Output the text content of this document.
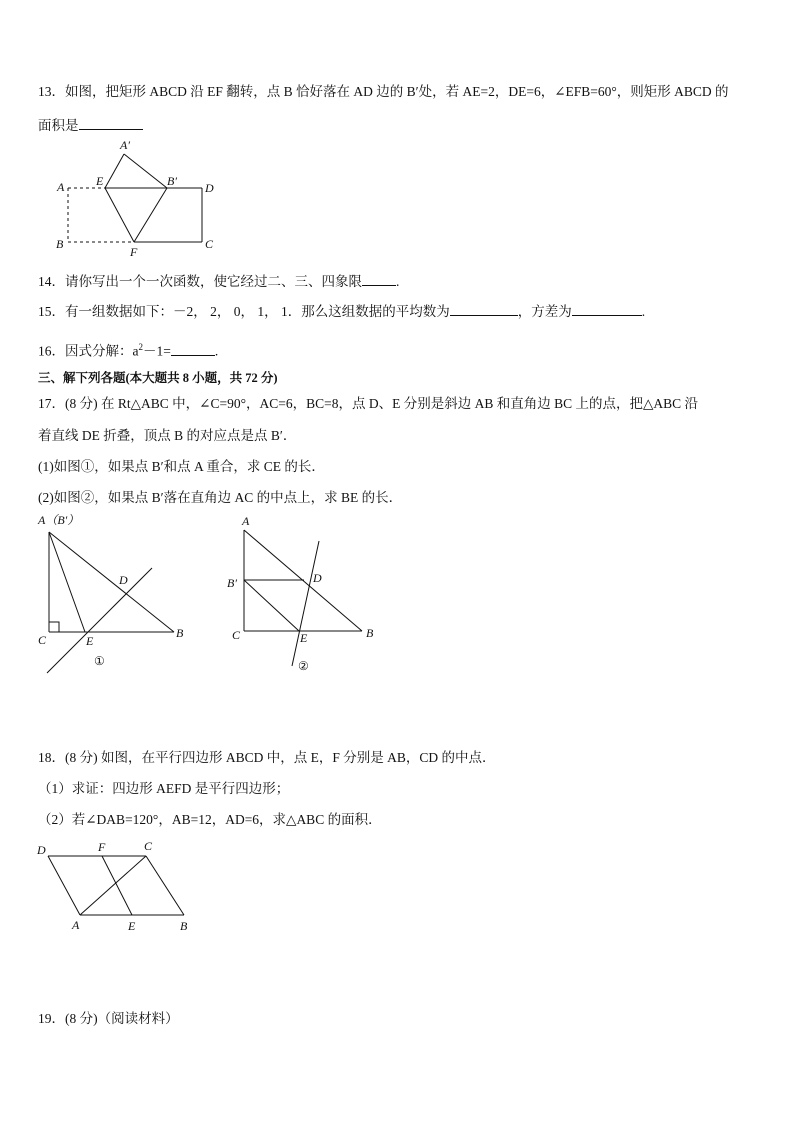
13．如图，把矩形 ABCD 沿 EF 翻转，点 B 恰好落在 AD 边的 B′处，若 AE=2，DE=6，∠EFB=60°，则矩形 ABCD 的
面积是
A′
A	E	B′ D
B
F
C
14．请你写出一个一次函数，使它经过二、三、四象限	.
15．有一组数据如下：－2， 2， 0， 1， 1．那么这组数据的平均数为	，方差为	.
16．因式分解：$a^2-1=$	.
三、解下列各题(本大题共 8 小题，共 72 分)
17．(8 分) 在 Rt△ABC 中，∠C=90°，AC=6，BC=8，点 D、E 分别是斜边 AB 和直角边 BC 上的点，把△ABC 沿
着直线 DE 折叠，顶点 B 的对应点是点 B′．
(1)如图①，如果点 B′和点 A 重合，求 CE 的长．
(2)如图②，如果点 B′落在直角边 AC 的中点上，求 BE 的长．
A（B′）
D
C	E
B
①
A
B′	D
C	E	B
②
18．(8 分) 如图，在平行四边形 ABCD 中，点 E，F 分别是 AB，CD 的中点．
（1）求证：四边形 AEFD 是平行四边形；
（2）若∠DAB=120°，AB=12，AD=6，求△ABC 的面积．
D	F	C
A	E	B
19．(8 分)（阅读材料）
